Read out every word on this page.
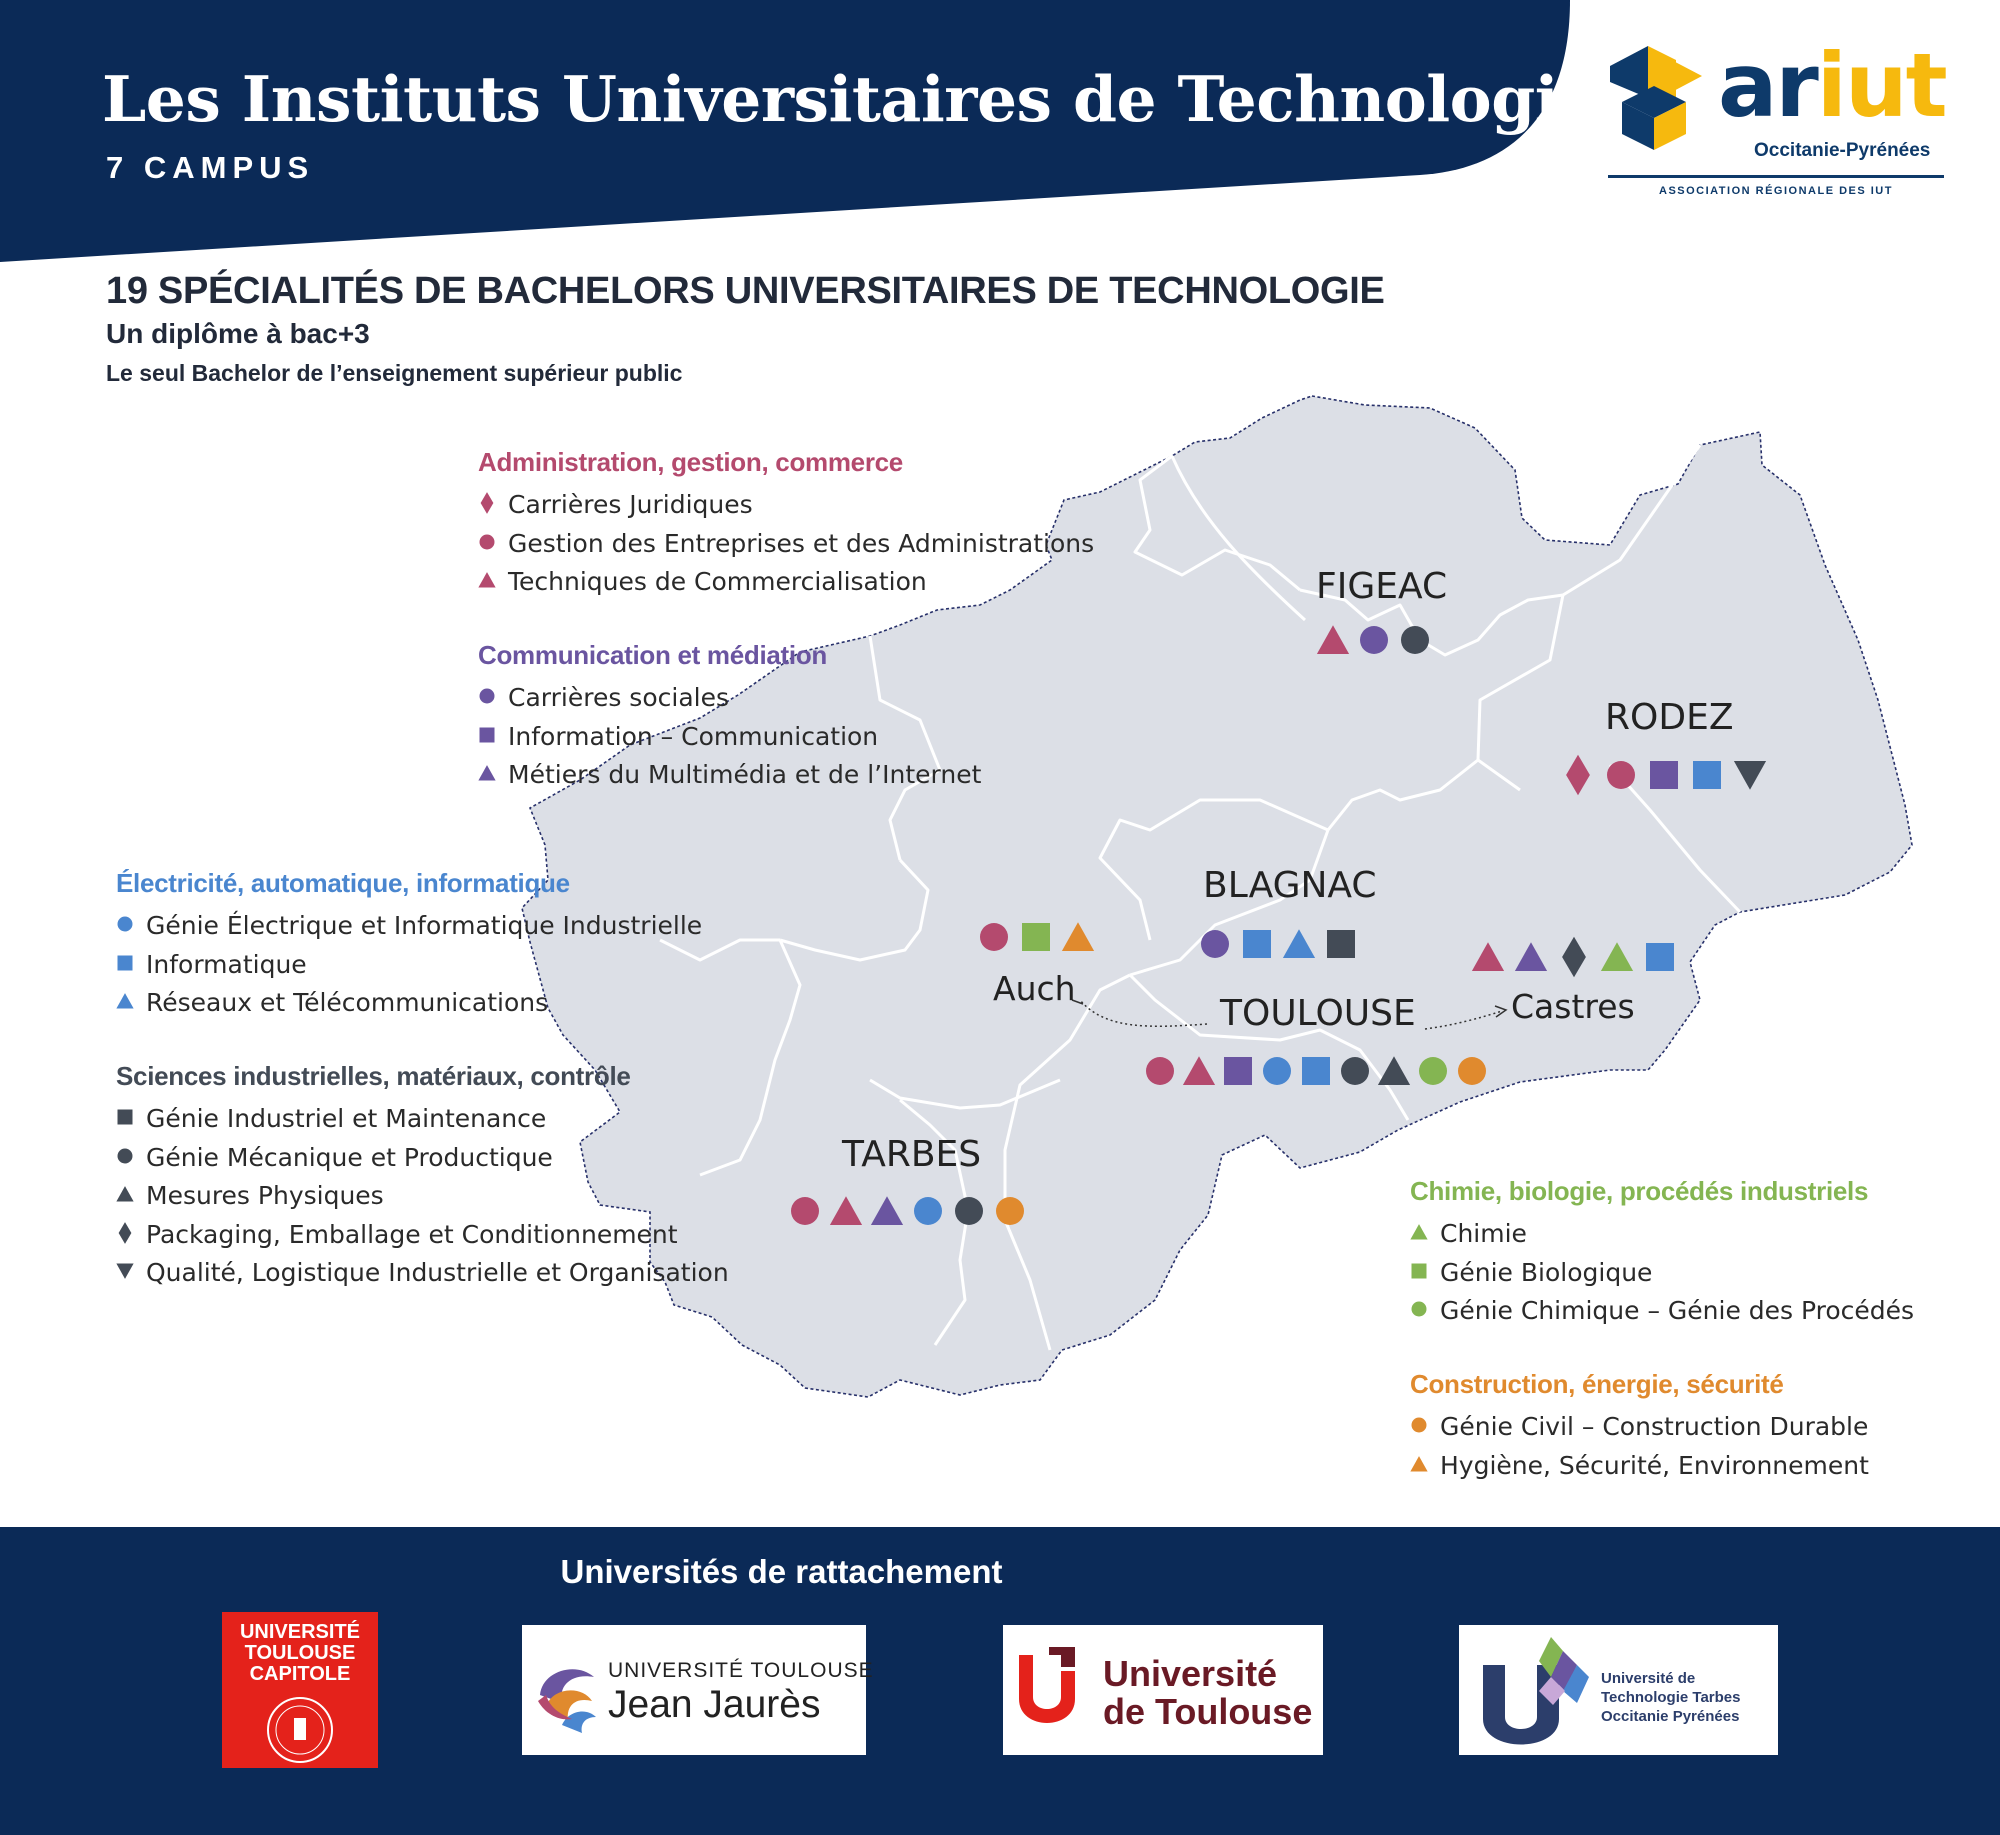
Les Instituts Universitaires de Technologie
7 CAMPUS
ariut
Occitanie-Pyrénées
ASSOCIATION RÉGIONALE DES IUT
19 SPÉCIALITÉS DE BACHELORS UNIVERSITAIRES DE TECHNOLOGIE
Un diplôme à bac+3
Le seul Bachelor de l’enseignement supérieur public
FIGEAC
RODEZ
BLAGNAC
Auch
TOULOUSE	Castres
TARBES
Administration, gestion, commerce
Carrières Juridiques
Gestion des Entreprises et des Administrations
Techniques de Commercialisation
Communication et médiation
Carrières sociales
Information – Communication
Métiers du Multimédia et de l’Internet
Électricité, automatique, informatique
Génie Électrique et Informatique Industrielle
Informatique
Réseaux et Télécommunications
Sciences industrielles, matériaux, contrôle
Génie Industriel et Maintenance
Génie Mécanique et Productique
Mesures Physiques
Packaging, Emballage et Conditionnement
Qualité, Logistique Industrielle et Organisation
Chimie, biologie, procédés industriels
Chimie
Génie Biologique
Génie Chimique – Génie des Procédés
Construction, énergie, sécurité
Génie Civil – Construction Durable
Hygiène, Sécurité, Environnement
Universités de rattachement
UNIVERSITÉ TOULOUSE CAPITOLE	UNIVERSITÉ TOULOUSE
Jean Jaurès
Université
de Toulouse
Université de Technologie Tarbes Occitanie Pyrénées
